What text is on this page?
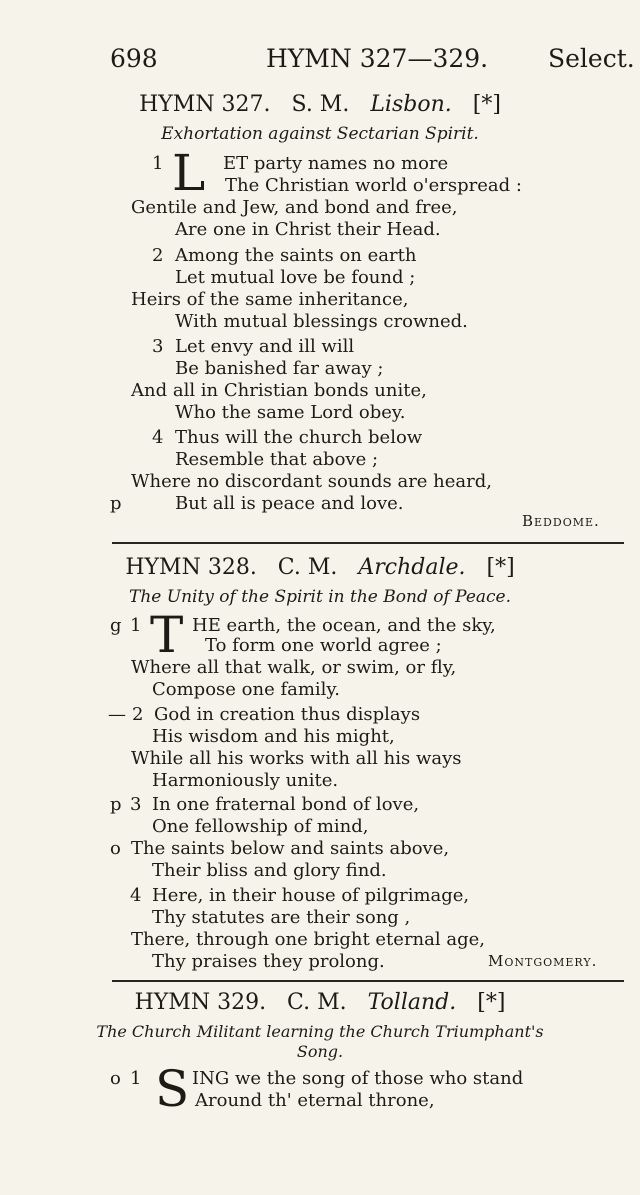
698	HYMN 327—329. Select.
HYMN 327. S. M. Lisbon. [*]
Exhortation against Sectarian Spirit.
1 L ET party names no more
The Christian world o'erspread :
Gentile and Jew, and bond and free,
Are one in Christ their Head.
2 Among the saints on earth
Let mutual love be found ;
Heirs of the same inheritance,
With mutual blessings crowned.
3 Let envy and ill will
Be banished far away ;
And all in Christian bonds unite,
Who the same Lord obey.
4 Thus will the church below
Resemble that above ;
Where no discordant sounds are heard,
p	But all is peace and love.
Beddome.
HYMN 328. C. M. Archdale. [*]
The Unity of the Spirit in the Bond of Peace.
g 1 T HE earth, the ocean, and the sky,
To form one world agree ;
Where all that walk, or swim, or fly,
Compose one family.
— 2 God in creation thus displays
His wisdom and his might,
While all his works with all his ways
Harmoniously unite.
p 3 In one fraternal bond of love,
One fellowship of mind,
o The saints below and saints above,
Their bliss and glory find.
4 Here, in their house of pilgrimage,
Thy statutes are their song ,
There, through one bright eternal age,
Thy praises they prolong.	Montgomery.
HYMN 329. C. M. Tolland. [*]
The Church Militant learning the Church Triumphant's
Song.
o 1 S ING we the song of those who stand
Around th' eternal throne,
